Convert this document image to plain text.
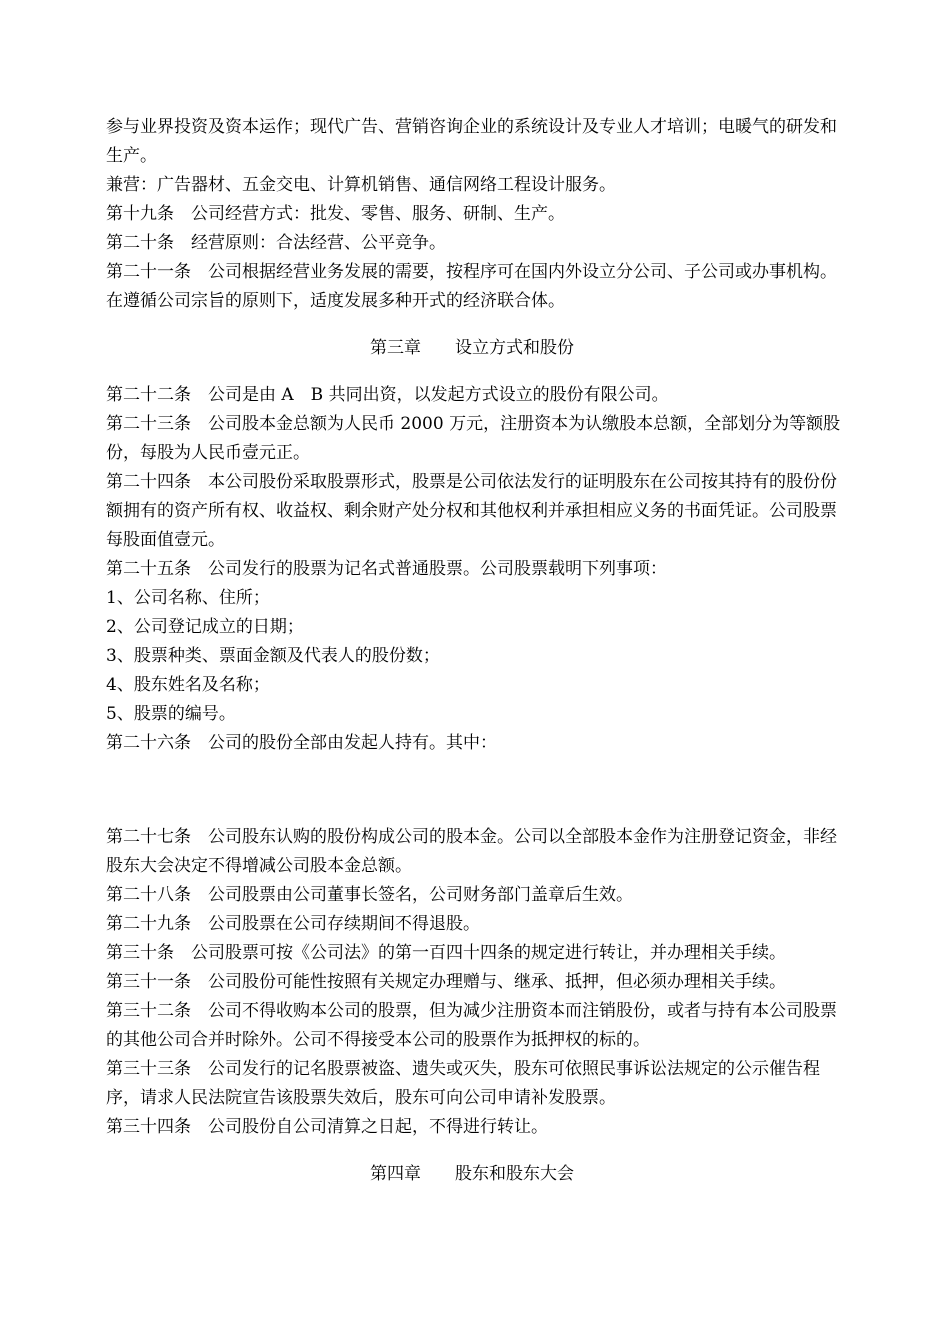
参与业界投资及资本运作；现代广告、营销咨询企业的系统设计及专业人才培训；电暖气的研发和生产。

兼营：广告器材、五金交电、计算机销售、通信网络工程设计服务。

第十九条　公司经营方式：批发、零售、服务、研制、生产。

第二十条　经营原则：合法经营、公平竞争。

第二十一条　公司根据经营业务发展的需要，按程序可在国内外设立分公司、子公司或办事机构。在遵循公司宗旨的原则下，适度发展多种开式的经济联合体。

第三章 设立方式和股份

第二十二条　公司是由 A　B 共同出资，以发起方式设立的股份有限公司。

第二十三条　公司股本金总额为人民币 2000 万元，注册资本为认缴股本总额，全部划分为等额股份，每股为人民币壹元正。

第二十四条　本公司股份采取股票形式，股票是公司依法发行的证明股东在公司按其持有的股份份额拥有的资产所有权、收益权、剩余财产处分权和其他权利并承担相应义务的书面凭证。公司股票每股面值壹元。

第二十五条　公司发行的股票为记名式普通股票。公司股票载明下列事项：

1、公司名称、住所；

2、公司登记成立的日期；

3、股票种类、票面金额及代表人的股份数；

4、股东姓名及名称；

5、股票的编号。

第二十六条　公司的股份全部由发起人持有。其中：

第二十七条　公司股东认购的股份构成公司的股本金。公司以全部股本金作为注册登记资金，非经股东大会决定不得增减公司股本金总额。

第二十八条　公司股票由公司董事长签名，公司财务部门盖章后生效。

第二十九条　公司股票在公司存续期间不得退股。

第三十条　公司股票可按《公司法》的第一百四十四条的规定进行转让，并办理相关手续。

第三十一条　公司股份可能性按照有关规定办理赠与、继承、抵押，但必须办理相关手续。

第三十二条　公司不得收购本公司的股票，但为减少注册资本而注销股份，或者与持有本公司股票的其他公司合并时除外。公司不得接受本公司的股票作为抵押权的标的。

第三十三条　公司发行的记名股票被盗、遗失或灭失，股东可依照民事诉讼法规定的公示催告程序，请求人民法院宣告该股票失效后，股东可向公司申请补发股票。

第三十四条　公司股份自公司清算之日起，不得进行转让。

第四章 股东和股东大会
